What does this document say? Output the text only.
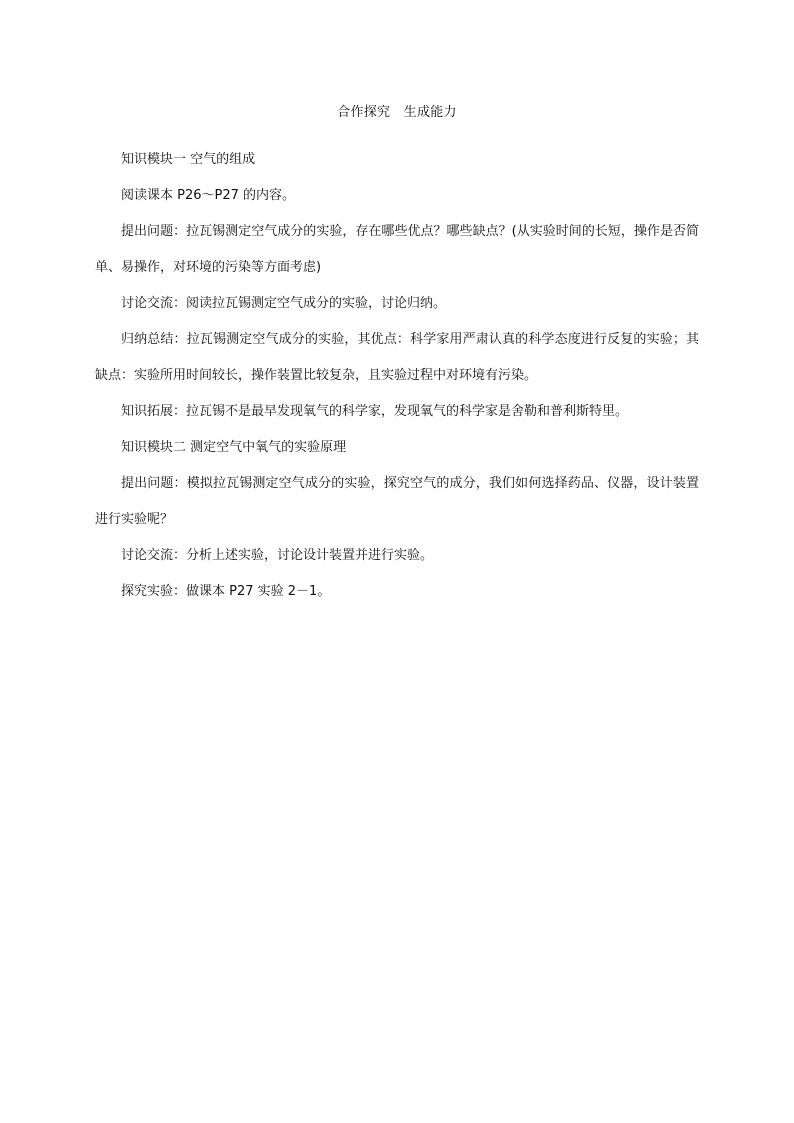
合作探究　生成能力

知识模块一 空气的组成

阅读课本 P26～P27 的内容。

提出问题：拉瓦锡测定空气成分的实验，存在哪些优点？哪些缺点？(从实验时间的长短，操作是否简单、易操作，对环境的污染等方面考虑)

讨论交流：阅读拉瓦锡测定空气成分的实验，讨论归纳。

归纳总结：拉瓦锡测定空气成分的实验，其优点：科学家用严肃认真的科学态度进行反复的实验；其缺点：实验所用时间较长，操作装置比较复杂，且实验过程中对环境有污染。

知识拓展：拉瓦锡不是最早发现氧气的科学家，发现氧气的科学家是舍勒和普利斯特里。

知识模块二 测定空气中氧气的实验原理

提出问题：模拟拉瓦锡测定空气成分的实验，探究空气的成分，我们如何选择药品、仪器，设计装置进行实验呢？

讨论交流：分析上述实验，讨论设计装置并进行实验。

探究实验：做课本 P27 实验 2－1。
